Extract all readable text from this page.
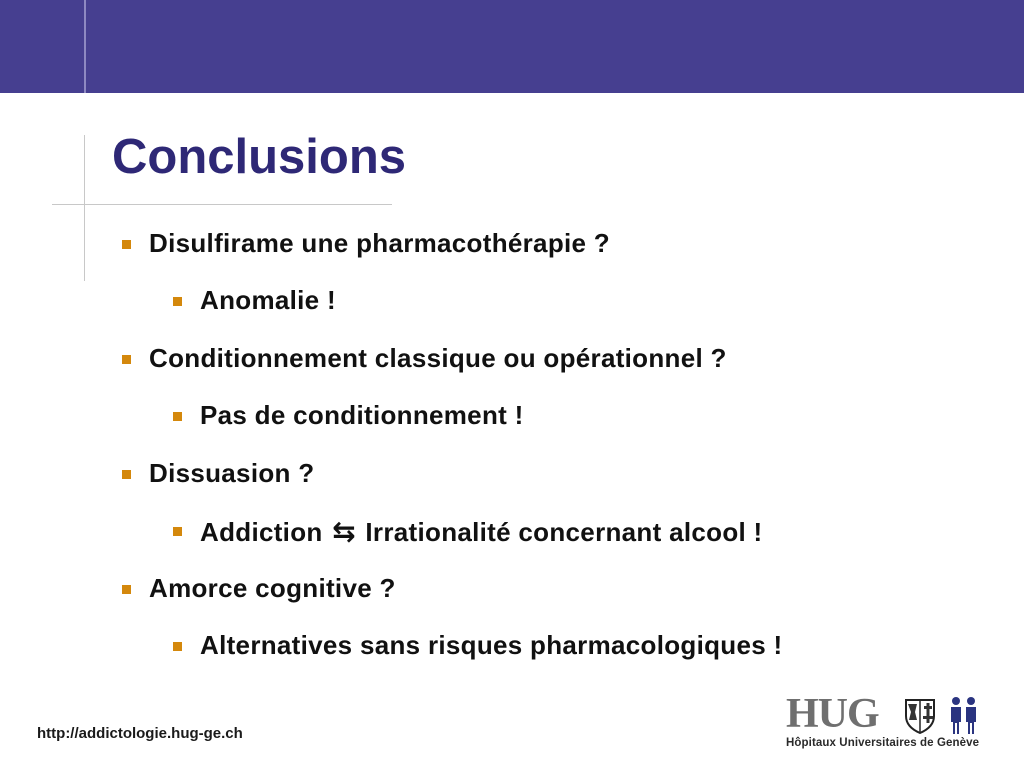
Conclusions
Disulfirame une pharmacothérapie ?
Anomalie !
Conditionnement classique ou opérationnel ?
Pas de conditionnement !
Dissuasion ?
Addiction ⇆ Irrationalité concernant alcool !
Amorce cognitive ?
Alternatives sans risques pharmacologiques !
http://addictologie.hug-ge.ch	HUG
Hôpitaux Universitaires de Genève
